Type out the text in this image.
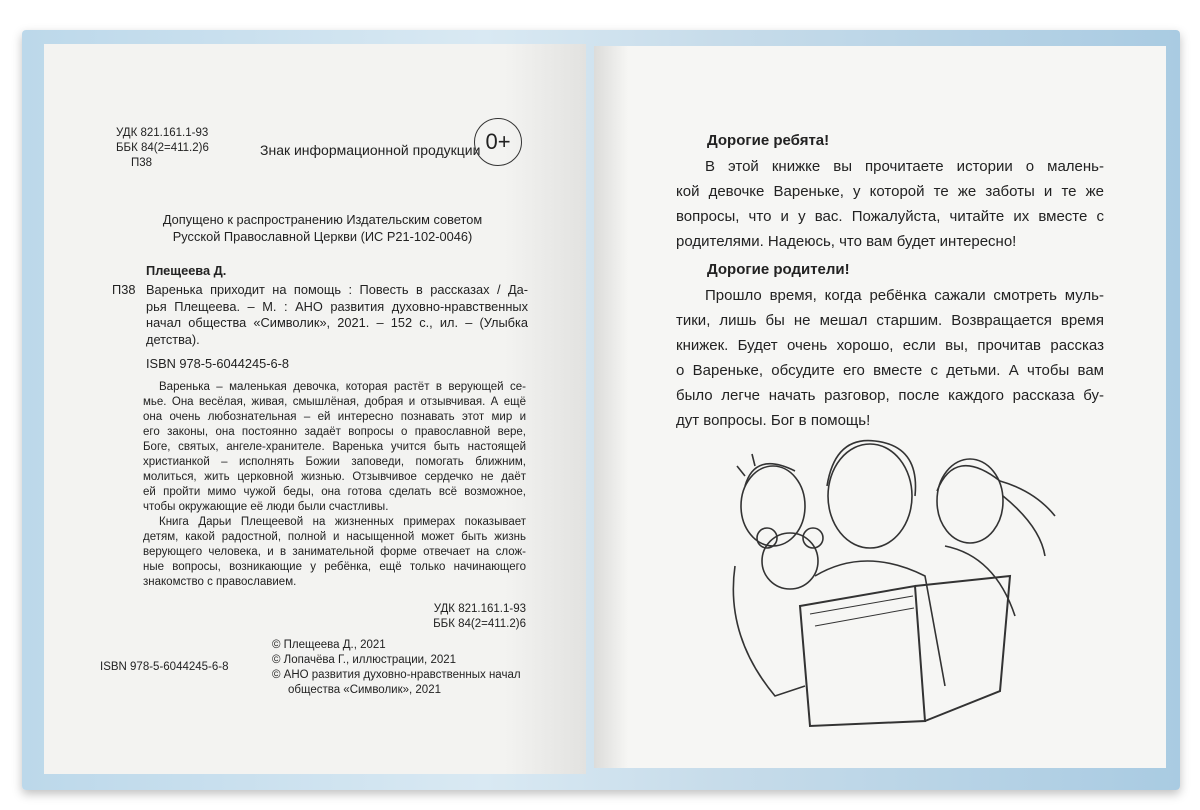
УДК 821.161.1-93
ББК 84(2=411.2)6
П38
Знак информационной продукции 0+
Допущено к распространению Издательским советом
Русской Православной Церкви (ИС Р21-102-0046)
Плещеева Д.
П38 Варенька приходит на помощь : Повесть в рассказах / Да-
рья Плещеева. – М. : АНО развития духовно-нравственных
начал общества «Символик», 2021. – 152 с., ил. – (Улыбка
детства).
ISBN 978-5-6044245-6-8
Варенька – маленькая девочка, которая растёт в верующей се-
мье. Она весёлая, живая, смышлёная, добрая и отзывчивая. А ещё
она очень любознательная – ей интересно познавать этот мир и
его законы, она постоянно задаёт вопросы о православной вере,
Боге, святых, ангеле-хранителе. Варенька учится быть настоящей
христианкой – исполнять Божии заповеди, помогать ближним,
молиться, жить церковной жизнью. Отзывчивое сердечко не даёт
ей пройти мимо чужой беды, она готова сделать всё возможное,
чтобы окружающие её люди были счастливы.
Книга Дарьи Плещеевой на жизненных примерах показывает
детям, какой радостной, полной и насыщенной может быть жизнь
верующего человека, и в занимательной форме отвечает на слож-
ные вопросы, возникающие у ребёнка, ещё только начинающего
знакомство с православием.
УДК 821.161.1-93
ББК 84(2=411.2)6
© Плещеева Д., 2021
© Лопачёва Г., иллюстрации, 2021
© АНО развития духовно-нравственных начал
общества «Символик», 2021
ISBN 978-5-6044245-6-8
Дорогие ребята!
В этой книжке вы прочитаете истории о малень-
кой девочке Вареньке, у которой те же заботы и те же
вопросы, что и у вас. Пожалуйста, читайте их вместе с
родителями. Надеюсь, что вам будет интересно!
Дорогие родители!
Прошло время, когда ребёнка сажали смотреть муль-
тики, лишь бы не мешал старшим. Возвращается время
книжек. Будет очень хорошо, если вы, прочитав рассказ
о Вареньке, обсудите его вместе с детьми. А чтобы вам
было легче начать разговор, после каждого рассказа бу-
дут вопросы. Бог в помощь!
